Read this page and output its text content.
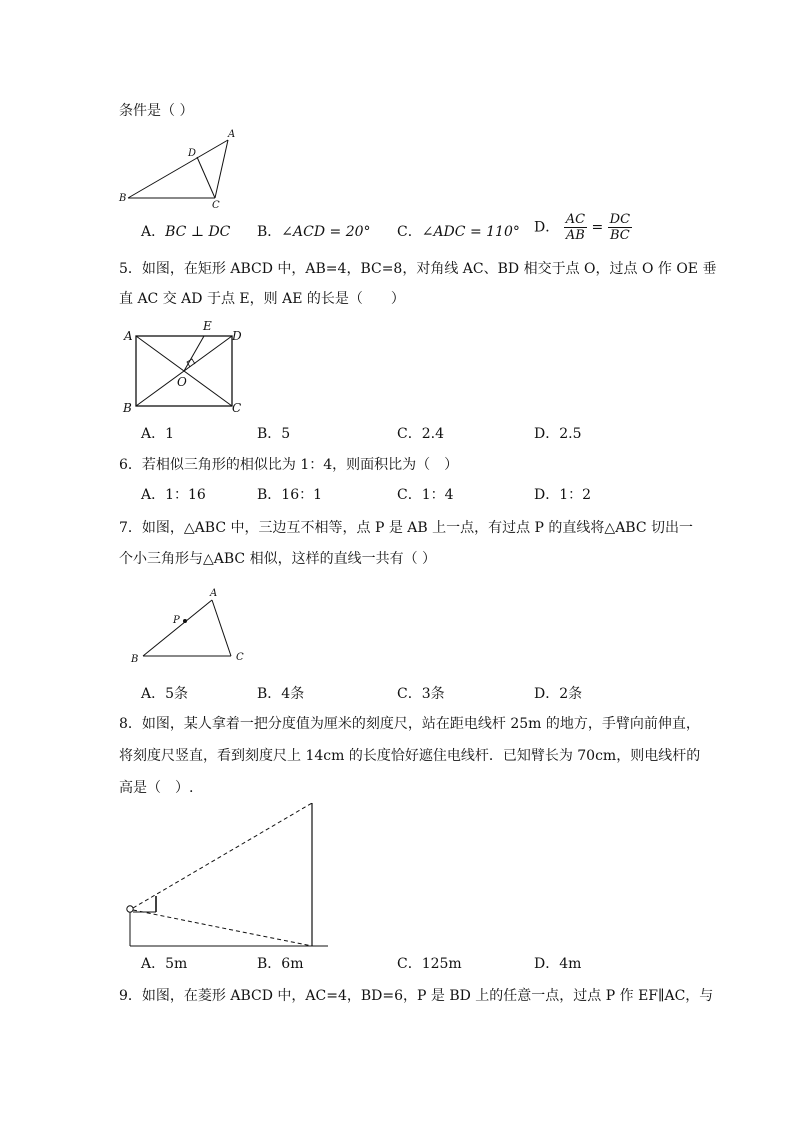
条件是（ ）
A
B
C
D
A．BC ⊥ DC B．∠ACD = 20° C．∠ADC = 110° D． $\frac{AC}{AB} = \frac{DC}{BC}$
5．如图，在矩形 ABCD 中，AB=4，BC=8，对角线 AC、BD 相交于点 O，过点 O 作 OE 垂
直 AC 交 AD 于点 E，则 AE 的长是（　　）
A
B	C
D
E
O
A．1	B．5	C．2.4	D．2.5
6．若相似三角形的相似比为 1：4，则面积比为（　）
A．1：16	B．16：1	C．1：4	D．1：2
7．如图，△ABC 中，三边互不相等，点 P 是 AB 上一点，有过点 P 的直线将△ABC 切出一
个小三角形与△ABC 相似，这样的直线一共有（ ）
A
B	C
P
A．5条	B．4条	C．3条	D．2条
8．如图，某人拿着一把分度值为厘米的刻度尺，站在距电线杆 25m 的地方，手臂向前伸直，
将刻度尺竖直，看到刻度尺上 14cm 的长度恰好遮住电线杆．已知臂长为 70cm，则电线杆的
高是（　）.
A．5m	B．6m	C．125m	D．4m
9．如图，在菱形 ABCD 中，AC=4，BD=6，P 是 BD 上的任意一点，过点 P 作 EF∥AC，与
